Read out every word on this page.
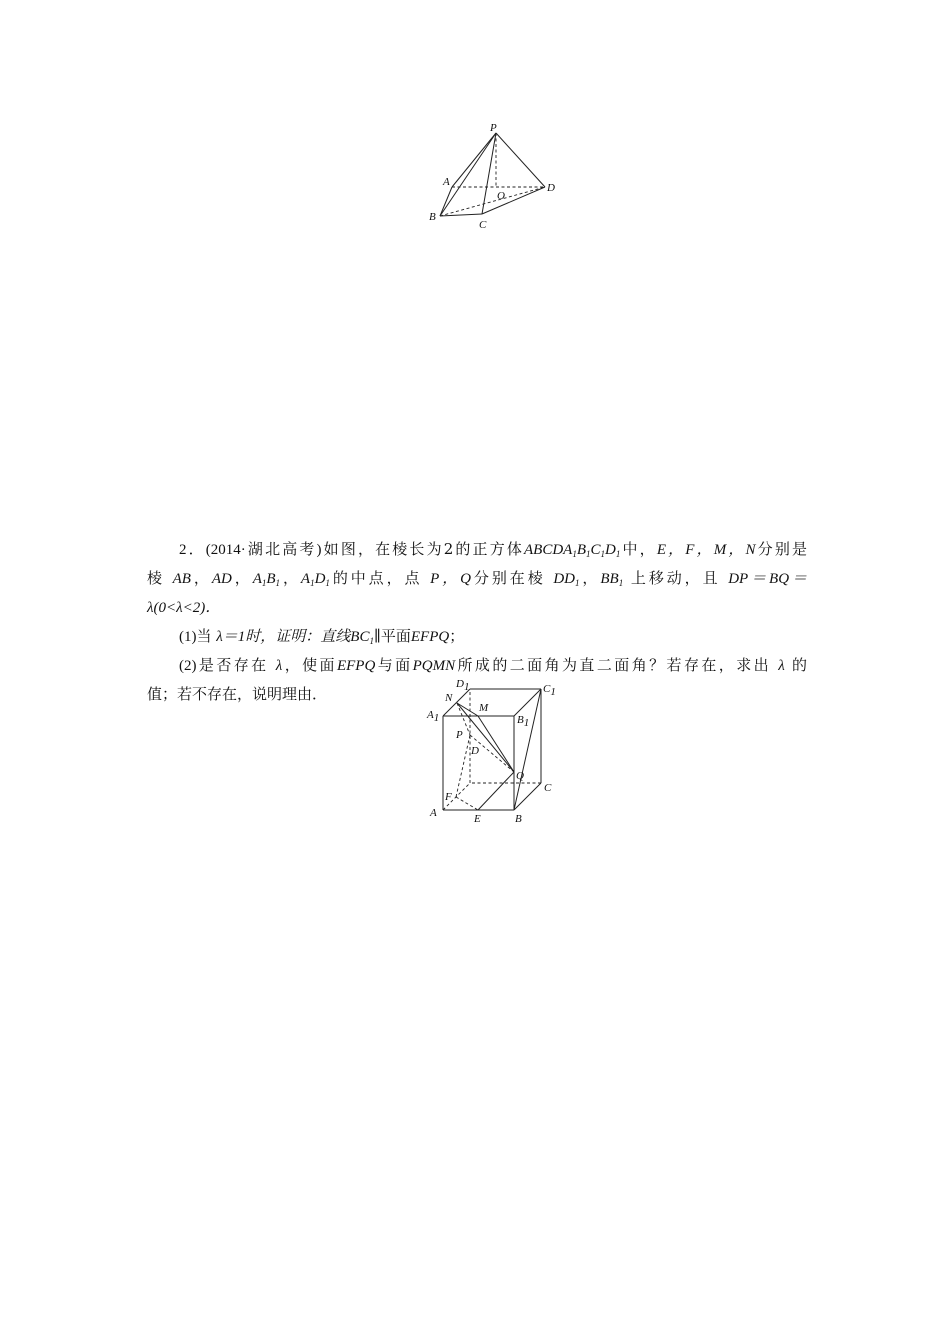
P
A
B
C
D
O
D1	C1
N
M
A1	B1
P
D
Q
C
F
A	E	B

2．(2014·湖北高考)如图，在棱长为2的正方体$ABCDA_1B_1C_1D_1$中，E，F，M，N分别是

棱 AB，AD，$A_1B_1$，$A_1D_1$的中点，点 P，Q分别在棱 $DD_1$，$BB_1$ 上移动，且 DP＝BQ＝

λ(0<λ<2)．

(1)当 λ＝1时，证明：直线$BC_1\parallel$平面EFPQ；

(2)是否存在 λ，使面EFPQ与面PQMN所成的二面角为直二面角？若存在，求出 λ 的

值；若不存在，说明理由．
